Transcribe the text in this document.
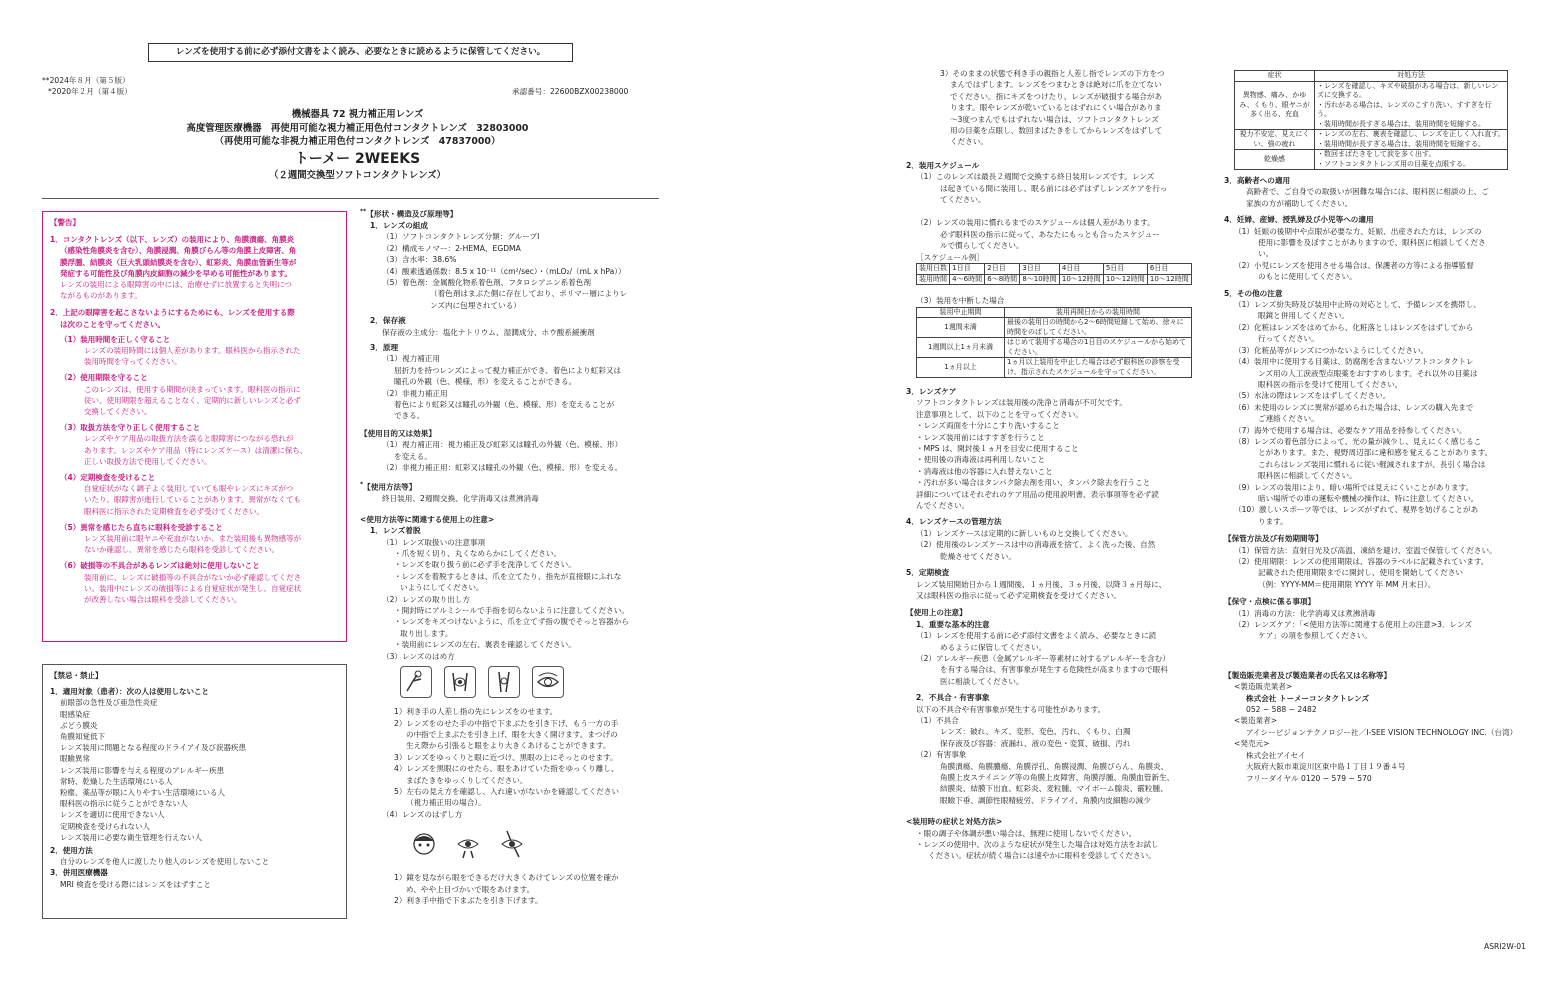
レンズを使用する前に必ず添付文書をよく読み、必要なときに読めるように保管してください。
**2024年８月（第５版）
*2020年２月（第４版）	承認番号：22600BZX00238000
機械器具 72 視力補正用レンズ
高度管理医療機器　再使用可能な視力補正用色付コンタクトレンズ　32803000
（再使用可能な非視力補正用色付コンタクトレンズ　47837000）
トーメー 2WEEKS
（２週間交換型ソフトコンタクトレンズ）
【警告】
1．コンタクトレンズ（以下、レンズ）の装用により、角膜潰瘍、角膜炎
（感染性角膜炎を含む）、角膜浸潤、角膜びらん等の角膜上皮障害、角
膜浮腫、結膜炎（巨大乳頭結膜炎を含む）、虹彩炎、角膜血管新生等が
発症する可能性及び角膜内皮細胞の減少を早める可能性があります。
レンズの装用による眼障害の中には、治療せずに放置すると失明につ
ながるものがあります。
2．上記の眼障害を起こさないようにするためにも、レンズを使用する際
は次のことを守ってください。
（1）装用時間を正しく守ること
レンズの装用時間には個人差があります。眼科医から指示された
装用時間を守ってください。
（2）使用期限を守ること
このレンズは、使用する期間が決まっています。眼科医の指示に
従い、使用期限を超えることなく、定期的に新しいレンズと必ず
交換してください。
（3）取扱方法を守り正しく使用すること
レンズやケア用品の取扱方法を誤ると眼障害につながる恐れが
あります。レンズやケア用品（特にレンズケース）は清潔に保ち、
正しい取扱方法で使用してください。
（4）定期検査を受けること
自覚症状がなく調子よく装用していても眼やレンズにキズがつ
いたり、眼障害が進行していることがあります。異常がなくても
眼科医に指示された定期検査を必ず受けてください。
（5）異常を感じたら直ちに眼科を受診すること
レンズ装用前に眼ヤニや充血がないか、また装用後も異物感等が
ないか確認し、異常を感じたら眼科を受診してください。
（6）破損等の不具合があるレンズは絶対に使用しないこと
装用前に、レンズに破損等の不具合がないか必ず確認してくださ
い。装用中にレンズの破損等による自覚症状が発生し、自覚症状
が改善しない場合は眼科を受診してください。
【禁忌・禁止】
1．適用対象（患者）：次の人は使用しないこと
前眼部の急性及び亜急性炎症
眼感染症
ぶどう膜炎
角膜知覚低下
レンズ装用に問題となる程度のドライアイ及び涙器疾患
眼瞼異常
レンズ装用に影響を与える程度のアレルギー疾患
常時、乾燥した生活環境にいる人
粉塵、薬品等が眼に入りやすい生活環境にいる人
眼科医の指示に従うことができない人
レンズを適切に使用できない人
定期検査を受けられない人
レンズ装用に必要な衛生管理を行えない人
2．使用方法
自分のレンズを他人に渡したり他人のレンズを使用しないこと
3．併用医療機器
MRI 検査を受ける際にはレンズをはずすこと
**【形状・構造及び原理等】
1．レンズの組成
（1）ソフトコンタクトレンズ分類：グループⅠ
（2）構成モノマー：2-HEMA、EGDMA
（3）含水率：38.6%
（4）酸素透過係数：8.5 x 10⁻¹¹（cm²/sec）・（mLO₂/（mL x hPa））
（5）着色剤：金属酸化物系着色剤、フタロシアニン系着色剤
（着色剤はまぶた側に存在しており、ポリマー層によりレ
ンズ内に包埋されている）
2．保存液
保存液の主成分：塩化ナトリウム、湿潤成分、ホウ酸系緩衝剤
3．原理
（1）視力補正用
屈折力を持つレンズによって視力補正ができ、着色により虹彩又は
瞳孔の外観（色、模様、形）を変えることができる。
（2）非視力補正用
着色により虹彩又は瞳孔の外観（色、模様、形）を変えることが
できる。
【使用目的又は効果】
（1）視力補正用：視力補正及び虹彩又は瞳孔の外観（色、模様、形）
を変える。
（2）非視力補正用：虹彩又は瞳孔の外観（色、模様、形）を変える。
*【使用方法等】
終日装用、2週間交換、化学消毒又は煮沸消毒
<使用方法等に関連する使用上の注意>
1．レンズ着脱
（1）レンズ取扱いの注意事項
・爪を短く切り、丸くなめらかにしてください。
・レンズを取り扱う前に必ず手を洗浄してください。
・レンズを着脱するときは、爪を立てたり、指先が直接眼にふれな
いようにしてください。
（2）レンズの取り出し方
・開封時にアルミシールで手指を切らないように注意してください。
・レンズをキズつけないように、爪を立てず指の腹でそっと容器から
取り出します。
・装用前にレンズの左右、裏表を確認してください。
（3）レンズのはめ方
1）利き手の人差し指の先にレンズをのせます。
2）レンズをのせた手の中指で下まぶたを引き下げ、もう一方の手
の中指で上まぶたを引き上げ、眼を大きく開けます。まつげの
生え際から引張ると眼をより大きくあけることができます。
3）レンズをゆっくりと眼に近づけ、黒眼の上にそっとのせます。
4）レンズを黒眼にのせたら、眼をあけていた指をゆっくり離し、
まばたきをゆっくりしてください。
5）左右の見え方を確認し、入れ違いがないかを確認してください
（視力補正用の場合）。
（4）レンズのはずし方
1）鏡を見ながら眼をできるだけ大きくあけてレンズの位置を確か
め、やや上目づかいで眼をあけます。
2）利き手中指で下まぶたを引き下げます。
3）そのままの状態で利き手の親指と人差し指でレンズの下方をつ
まんではずします。レンズをつまむときは絶対に爪を立てない
でください。指にキズをつけたり、レンズが破損する場合があ
ります。眼やレンズが乾いているとはずれにくい場合がありま
〜3度つまんでもはずれない場合は、ソフトコンタクトレンズ
用の目薬を点眼し、数回まばたきをしてからレンズをはずして
ください。
2．装用スケジュール
（1）このレンズは最長２週間で交換する終日装用レンズです。レンズ
は起きている間に装用し、眠る前には必ずはずしレンズケアを行っ
てください。
（2）レンズの装用に慣れるまでのスケジュールは個人差があります。
必ず眼科医の指示に従って、あなたにもっとも合ったスケジュー
ルで慣らしてください。
［スケジュール例］
装用日数	1日目	2日目	3日目	4日目	5日目	6日目
装用時間	4〜6時間	6〜8時間	8〜10時間	10〜12時間	10〜12時間	10〜12時間
（3）装用を中断した場合
装用中止期間	装用再開日からの装用時間
1週間未満	最後の装用日の時間から2〜6時間短縮して始め、徐々に時間をのばしてください。
1週間以上1ヵ月未満	はじめて装用する場合の1日目のスケジュールから始めてください。
1ヵ月以上	1ヵ月以上装用を中止した場合は必ず眼科医の診察を受け、指示されたスケジュールを守ってください。
3．レンズケア
ソフトコンタクトレンズは装用後の洗浄と消毒が不可欠です。
注意事項として、以下のことを守ってください。
・レンズ両面を十分にこすり洗いすること
・レンズ装用前にはすすぎを行うこと
・MPS は、開封後１ヵ月を目安に使用すること
・使用後の消毒液は再利用しないこと
・消毒液は他の容器に入れ替えないこと
・汚れが多い場合はタンパク除去剤を用い、タンパク除去を行うこと
詳細についてはそれぞれのケア用品の使用説明書、表示事項等を必ず読
んでください。
4．レンズケースの管理方法
（1）レンズケースは定期的に新しいものと交換してください。
（2）使用後のレンズケースは中の消毒液を捨て、よく洗った後、自然
乾燥させてください。
5．定期検査
レンズ装用開始日から１週間後、１ヵ月後、３ヵ月後、以降３ヵ月毎に、
又は眼科医の指示に従って必ず定期検査を受けてください。
【使用上の注意】
1．重要な基本的注意
（1）レンズを使用する前に必ず添付文書をよく読み、必要なときに読
めるように保管してください。
（2）アレルギー疾患（金属アレルギー等素材に対するアレルギーを含む）
を有する場合は、有害事象が発生する危険性が高まりますので眼科
医に相談してください。
2．不具合・有害事象
以下の不具合や有害事象が発生する可能性があります。
（1）不具合
レンズ：破れ、キズ、変形、変色、汚れ、くもり、白濁
保存液及び容器：液漏れ、液の変色・変質、破損、汚れ
（2）有害事象
角膜潰瘍、角膜膿瘍、角膜浮孔、角膜浸潤、角膜びらん、角膜炎、
角膜上皮ステイニング等の角膜上皮障害、角膜浮腫、角膜血管新生、
結膜炎、結膜下出血、虹彩炎、麦粒腫、マイボーム腺炎、霰粒腫、
眼瞼下垂、調節性眼精疲労、ドライアイ、角膜内皮細胞の減少
<装用時の症状と対処方法>
・眼の調子や体調が悪い場合は、無理に使用しないでください。
・レンズの使用中、次のような症状が発生した場合は対処方法をお試し
ください。症状が続く場合には速やかに眼科を受診してください。
症状	対処方法
異物感、痛み、かゆみ、くもり、眼ヤニが多く出る、充血	・レンズを確認し、キズや破損がある場合は、新しいレンズに交換する。
・汚れがある場合は、レンズのこすり洗い、すすぎを行う。
・装用時間が長すぎる場合は、装用時間を短縮する。
視力不安定、見えにくい、強の疲れ	・レンズの左右、裏表を確認し、レンズを正しく入れ直す。
・装用時間が長すぎる場合は、装用時間を短縮する。
乾燥感	・数回まばたきをして涙を多く出す。
・ソフトコンタクトレンズ用の目薬を点眼する。
3．高齢者への適用
高齢者で、ご自身での取扱いが困難な場合には、眼科医に相談の上、ご
家族の方が補助してください。
4．妊婦、産婦、授乳婦及び小児等への適用
（1）妊娠の後期中や点眼が必要な方、妊娠、出産された方は、レンズの
使用に影響を及ぼすことがありますので、眼科医に相談してくださ
い。
（2）小児にレンズを使用させる場合は、保護者の方等による指導監督
のもとに使用してください。
5．その他の注意
（1）レンズ紛失時及び装用中止時の対応として、予備レンズを携帯し、
眼鏡と併用してください。
（2）化粧はレンズをはめてから、化粧落としはレンズをはずしてから
行ってください。
（3）化粧品等がレンズにつかないようにしてください。
（4）装用中に使用する目薬は、防腐剤を含まないソフトコンタクトレ
ンズ用の人工涙液型点眼薬をおすすめします。それ以外の目薬は
眼科医の指示を受けて使用してください。
（5）水泳の際はレンズをはずしてください。
（6）未使用のレンズに異常が認められた場合は、レンズの購入先まで
ご連絡ください。
（7）海外で使用する場合は、必要なケア用品を持参してください。
（8）レンズの着色部分によって、光の量が減少し、見えにくく感じるこ
とがあります。また、視野周辺部に違和感を覚えることがあります。
これらはレンズ装用に慣れるに従い軽減されますが、長引く場合は
眼科医に相談してください。
（9）レンズの装用により、暗い場所では見えにくいことがあります。
暗い場所での車の運転や機械の操作は、特に注意してください。
（10）激しいスポーツ等では、レンズがずれて、視界を妨げることがあ
ります。
【保管方法及び有効期間等】
（1）保管方法：直射日光及び高温、凍結を避け、室温で保管してください。
（2）使用期限：レンズの使用期限は、容器のラベルに記載されています。
記載された使用期限までに開封し、使用を開始してください
（例：YYYY-MM＝使用期限 YYYY 年 MM 月末日）。
【保守・点検に係る事項】
（1）消毒の方法：化学消毒又は煮沸消毒
（2）レンズケア：「<使用方法等に関連する使用上の注意>3．レンズ
ケア」の項を参照してください。
【製造販売業者及び製造業者の氏名又は名称等】
<製造販売業者>
株式会社 トーメーコンタクトレンズ
052 − 588 − 2482
<製造業者>
アイシービジョンテクノロジー社／I-SEE VISION TECHNOLOGY INC.（台湾）
<発売元>
株式会社アイセイ
大阪府大阪市東淀川区東中島１丁目１９番４号
フリーダイヤル 0120 − 579 − 570
ASRI2W-01
